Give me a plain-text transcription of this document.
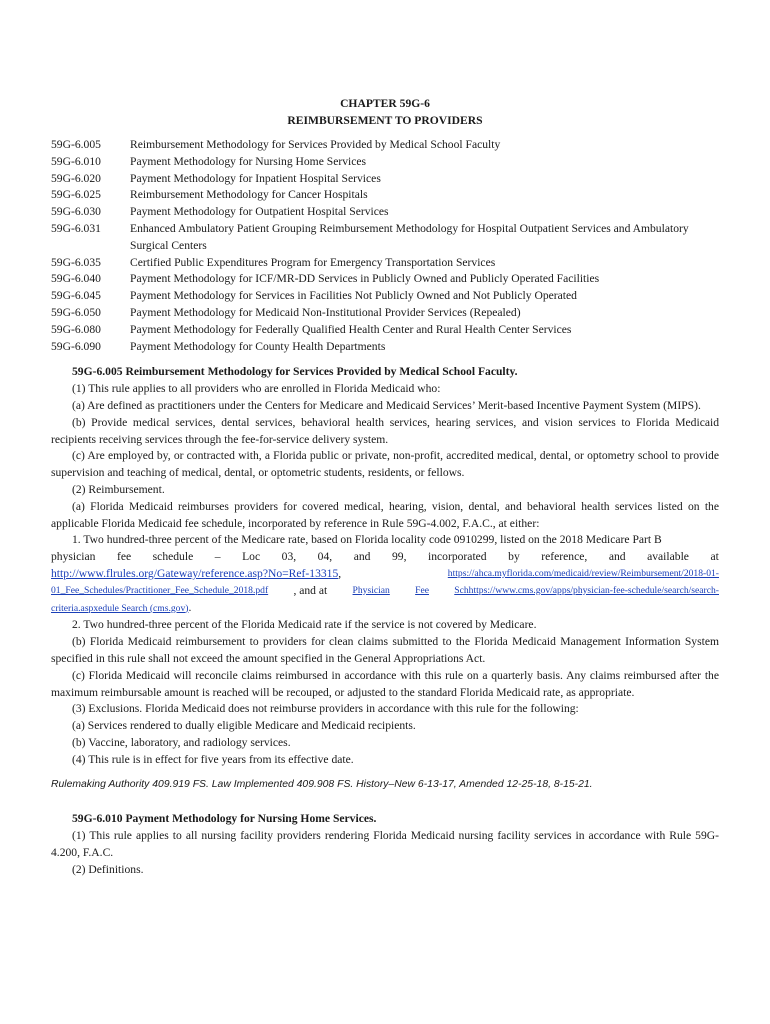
CHAPTER 59G-6
REIMBURSEMENT TO PROVIDERS
59G-6.005	Reimbursement Methodology for Services Provided by Medical School Faculty
59G-6.010	Payment Methodology for Nursing Home Services
59G-6.020	Payment Methodology for Inpatient Hospital Services
59G-6.025	Reimbursement Methodology for Cancer Hospitals
59G-6.030	Payment Methodology for Outpatient Hospital Services
59G-6.031	Enhanced Ambulatory Patient Grouping Reimbursement Methodology for Hospital Outpatient Services and Ambulatory Surgical Centers
59G-6.035	Certified Public Expenditures Program for Emergency Transportation Services
59G-6.040	Payment Methodology for ICF/MR-DD Services in Publicly Owned and Publicly Operated Facilities
59G-6.045	Payment Methodology for Services in Facilities Not Publicly Owned and Not Publicly Operated
59G-6.050	Payment Methodology for Medicaid Non-Institutional Provider Services (Repealed)
59G-6.080	Payment Methodology for Federally Qualified Health Center and Rural Health Center Services
59G-6.090	Payment Methodology for County Health Departments
59G-6.005 Reimbursement Methodology for Services Provided by Medical School Faculty.
(1) This rule applies to all providers who are enrolled in Florida Medicaid who:
(a) Are defined as practitioners under the Centers for Medicare and Medicaid Services’ Merit-based Incentive Payment System (MIPS).
(b) Provide medical services, dental services, behavioral health services, hearing services, and vision services to Florida Medicaid recipients receiving services through the fee-for-service delivery system.
(c) Are employed by, or contracted with, a Florida public or private, non-profit, accredited medical, dental, or optometry school to provide supervision and teaching of medical, dental, or optometric students, residents, or fellows.
(2) Reimbursement.
(a) Florida Medicaid reimburses providers for covered medical, hearing, vision, dental, and behavioral health services listed on the applicable Florida Medicaid fee schedule, incorporated by reference in Rule 59G-4.002, F.A.C., at either:
1. Two hundred-three percent of the Medicare rate, based on Florida locality code 0910299, listed on the 2018 Medicare Part B
physician fee schedule – Loc 03, 04, and 99, incorporated by reference, and available at
http://www.flrules.org/Gateway/reference.asp?No=Ref-13315,	https://ahca.myflorida.com/medicaid/review/Reimbursement/2018-01-
01_Fee_Schedules/Practitioner_Fee_Schedule_2018.pdf , and at	Physician	Fee	Schhttps://www.cms.gov/apps/physician-fee-schedule/search/search-
criteria.aspxedule Search (cms.gov).
2. Two hundred-three percent of the Florida Medicaid rate if the service is not covered by Medicare.
(b) Florida Medicaid reimbursement to providers for clean claims submitted to the Florida Medicaid Management Information System specified in this rule shall not exceed the amount specified in the General Appropriations Act.
(c) Florida Medicaid will reconcile claims reimbursed in accordance with this rule on a quarterly basis. Any claims reimbursed after the maximum reimbursable amount is reached will be recouped, or adjusted to the standard Florida Medicaid rate, as appropriate.
(3) Exclusions. Florida Medicaid does not reimburse providers in accordance with this rule for the following:
(a) Services rendered to dually eligible Medicare and Medicaid recipients.
(b) Vaccine, laboratory, and radiology services.
(4) This rule is in effect for five years from its effective date.
Rulemaking Authority 409.919 FS. Law Implemented 409.908 FS. History–New 6-13-17, Amended 12-25-18, 8-15-21.
59G-6.010 Payment Methodology for Nursing Home Services.
(1) This rule applies to all nursing facility providers rendering Florida Medicaid nursing facility services in accordance with Rule 59G-4.200, F.A.C.
(2) Definitions.
